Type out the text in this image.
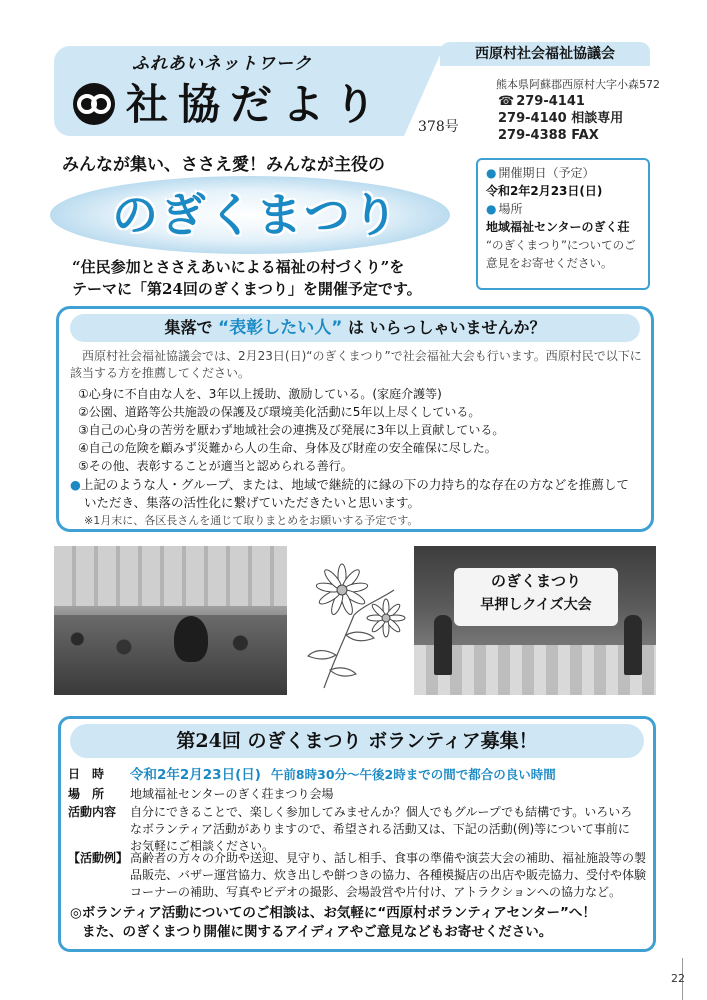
ふれあいネットワーク
社協だより 378号
西原村社会福祉協議会
熊本県阿蘇郡西原村大字小森572
☎ 279-4141
279-4140 相談専用
279-4388 FAX
みんなが集い、ささえ愛！みんなが主役の
のぎくまつり
“住民参加とささえあいによる福祉の村づくり”を
テーマに「第24回のぎくまつり」を開催予定です。
● 開催期日（予定）
令和2年2月23日(日)
● 場所
地域福祉センターのぎく荘
“のぎくまつり”についてのご意見をお寄せください。
集落で “表彰したい人” は いらっしゃいませんか？
西原村社会福祉協議会では、2月23日(日)“のぎくまつり”で社会福祉大会も行います。西原村民で以下に該当する方を推薦してください。
①心身に不自由な人を、3年以上援助、激励している。(家庭介護等)
②公園、道路等公共施設の保護及び環境美化活動に5年以上尽くしている。
③自己の心身の苦労を厭わず地域社会の連携及び発展に3年以上貢献している。
④自己の危険を顧みず災難から人の生命、身体及び財産の安全確保に尽した。
⑤その他、表彰することが適当と認められる善行。
●上記のような人・グループ、または、地域で継続的に縁の下の力持ち的な存在の方などを推薦して
いただき、集落の活性化に繋げていただきたいと思います。
※1月末に、各区長さんを通じて取りまとめをお願いする予定です。
のぎくまつり
早押しクイズ大会
第24回 のぎくまつり ボランティア募集！
日　時	令和2年2月23日(日) 午前8時30分～午後2時までの間で都合の良い時間
場　所	地域福祉センターのぎく荘まつり会場
活動内容	自分にできることで、楽しく参加してみませんか？個人でもグループでも結構です。いろいろ
なボランティア活動がありますので、希望される活動又は、下記の活動(例)等について事前に
お気軽にご相談ください。
【活動例】 高齢者の方々の介助や送迎、見守り、話し相手、食事の準備や演芸大会の補助、福祉施設等の製
品販売、バザー運営協力、炊き出しや餅つきの協力、各種模擬店の出店や販売協力、受付や体験
コーナーの補助、写真やビデオの撮影、会場設営や片付け、アトラクションへの協力など。
◎ボランティア活動についてのご相談は、お気軽に“西原村ボランティアセンター”へ！
また、のぎくまつり開催に関するアイディアやご意見などもお寄せください。
22
